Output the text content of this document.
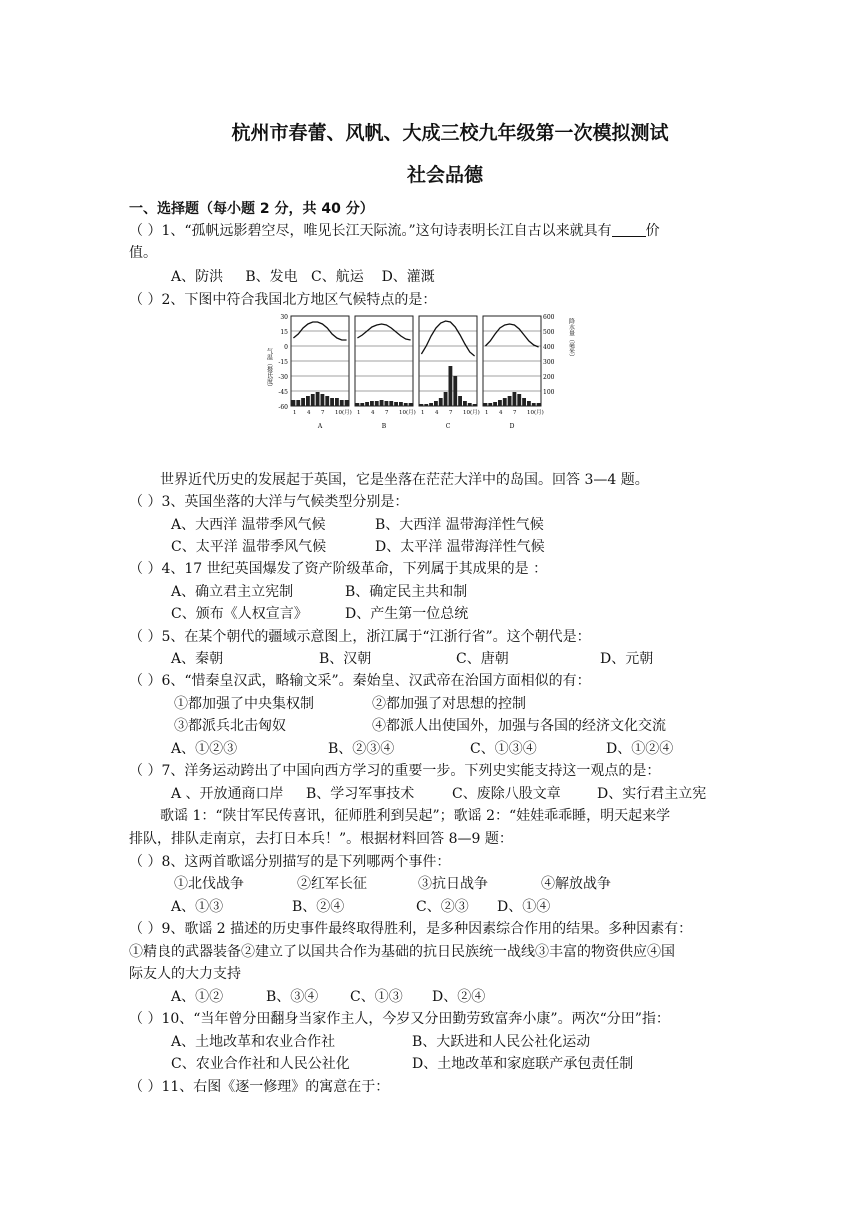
杭州市春蕾、风帆、大成三校九年级第一次模拟测试
社会品德
一、选择题（每小题 2 分，共 40 分）
（ ）1、“孤帆远影碧空尽，唯见长江天际流。”这句诗表明长江自古以来就具有 价
值。
A、防洪 B、发电 C、航运 D、灌溉
（ ）2、下图中符合我国北方地区气候特点的是：
气温（摄氏度）
降水量（毫米）
30
15
0
-15
-30
-45
-60
600
500
400
300
200
100
1 4 7 10(月)
A
1 4 7 10(月)
B
1 4 7 10(月)
C
1 4 7 10(月)
D
世界近代历史的发展起于英国，它是坐落在茫茫大洋中的岛国。回答 3—4 题。
（ ）3、英国坐落的大洋与气候类型分别是：
A、大西洋 温带季风气候	B、大西洋 温带海洋性气候
C、太平洋 温带季风气候	D、太平洋 温带海洋性气候
（ ）4、17 世纪英国爆发了资产阶级革命，下列属于其成果的是 ：
A、确立君主立宪制	B、确定民主共和制
C、颁布《人权宣言》	D、产生第一位总统
（ ）5、在某个朝代的疆域示意图上，浙江属于“江浙行省”。这个朝代是：
A、秦朝	B、汉朝	C、唐朝	D、元朝
（ ）6、“惜秦皇汉武，略输文采”。秦始皇、汉武帝在治国方面相似的有：
①都加强了中央集权制	②都加强了对思想的控制
③都派兵北击匈奴	④都派人出使国外，加强与各国的经济文化交流
A、①②③	B、②③④	C、①③④	D、①②④
（ ）7、洋务运动跨出了中国向西方学习的重要一步。下列史实能支持这一观点的是：
A 、开放通商口岸 B、学习军事技术	C、废除八股文章	D、实行君主立宪
歌谣 1：“陕甘军民传喜讯，征师胜利到吴起”；歌谣 2：“娃娃乖乖睡，明天起来学
排队，排队走南京，去打日本兵！”。根据材料回答 8—9 题：
（ ）8、这两首歌谣分别描写的是下列哪两个事件：
①北伐战争	②红军长征	③抗日战争	④解放战争
A、①③	B、②④	C、②③ D、①④
（ ）9、歌谣 2 描述的历史事件最终取得胜利，是多种因素综合作用的结果。多种因素有：
①精良的武器装备②建立了以国共合作为基础的抗日民族统一战线③丰富的物资供应④国
际友人的大力支持
A、①②	B、③④ C、①③ D、②④
（ ）10、“当年曾分田翻身当家作主人，今岁又分田勤劳致富奔小康”。两次“分田”指：
A、土地改革和农业合作社	B、大跃进和人民公社化运动
C、农业合作社和人民公社化	D、土地改革和家庭联产承包责任制
（ ）11、右图《逐一修理》的寓意在于：
